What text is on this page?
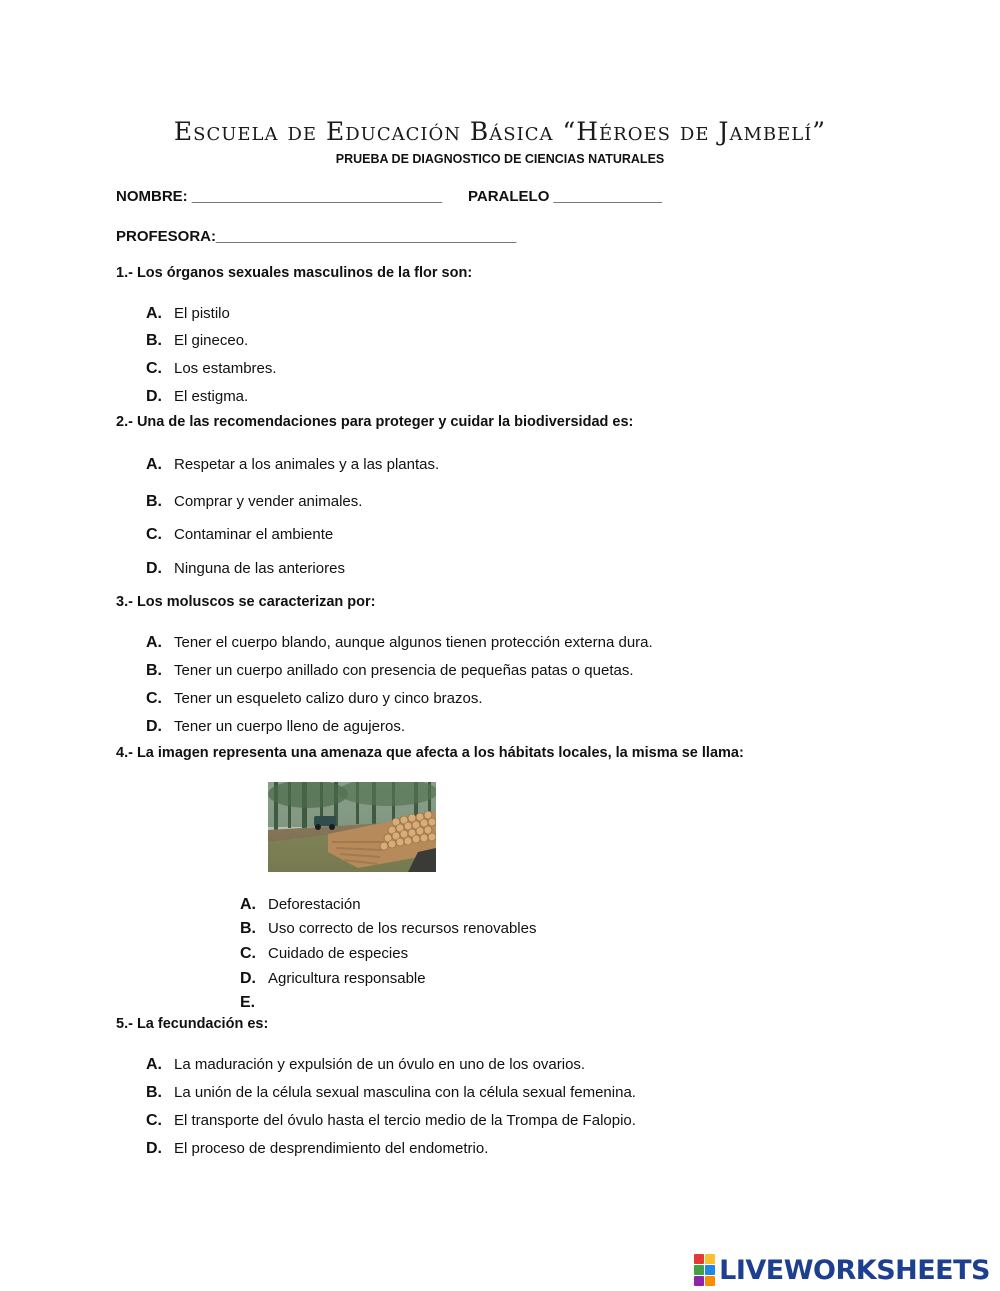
Escuela de Educación Básica “Héroes de Jambelí”
PRUEBA DE DIAGNOSTICO DE CIENCIAS NATURALES
NOMBRE: ______________________________ PARALELO _____________
PROFESORA:____________________________________
1.- Los órganos sexuales masculinos de la flor son:
A. El pistilo
B. El gineceo.
C. Los estambres.
D. El estigma.
2.- Una de las recomendaciones para proteger y cuidar la biodiversidad es:
A. Respetar a los animales y a las plantas.
B. Comprar y vender animales.
C. Contaminar el ambiente
D. Ninguna de las anteriores
3.- Los moluscos se caracterizan por:
A. Tener el cuerpo blando, aunque algunos tienen protección externa dura.
B. Tener un cuerpo anillado con presencia de pequeñas patas o quetas.
C. Tener un esqueleto calizo duro y cinco brazos.
D. Tener un cuerpo lleno de agujeros.
4.- La imagen representa una amenaza que afecta a los hábitats locales, la misma se llama:
A. Deforestación
B. Uso correcto de los recursos renovables
C. Cuidado de especies
D. Agricultura responsable
E.
5.- La fecundación es:
A. La maduración y expulsión de un óvulo en uno de los ovarios.
B. La unión de la célula sexual masculina con la célula sexual femenina.
C. El transporte del óvulo hasta el tercio medio de la Trompa de Falopio.
D. El proceso de desprendimiento del endometrio.
LIVEWORKSHEETS
